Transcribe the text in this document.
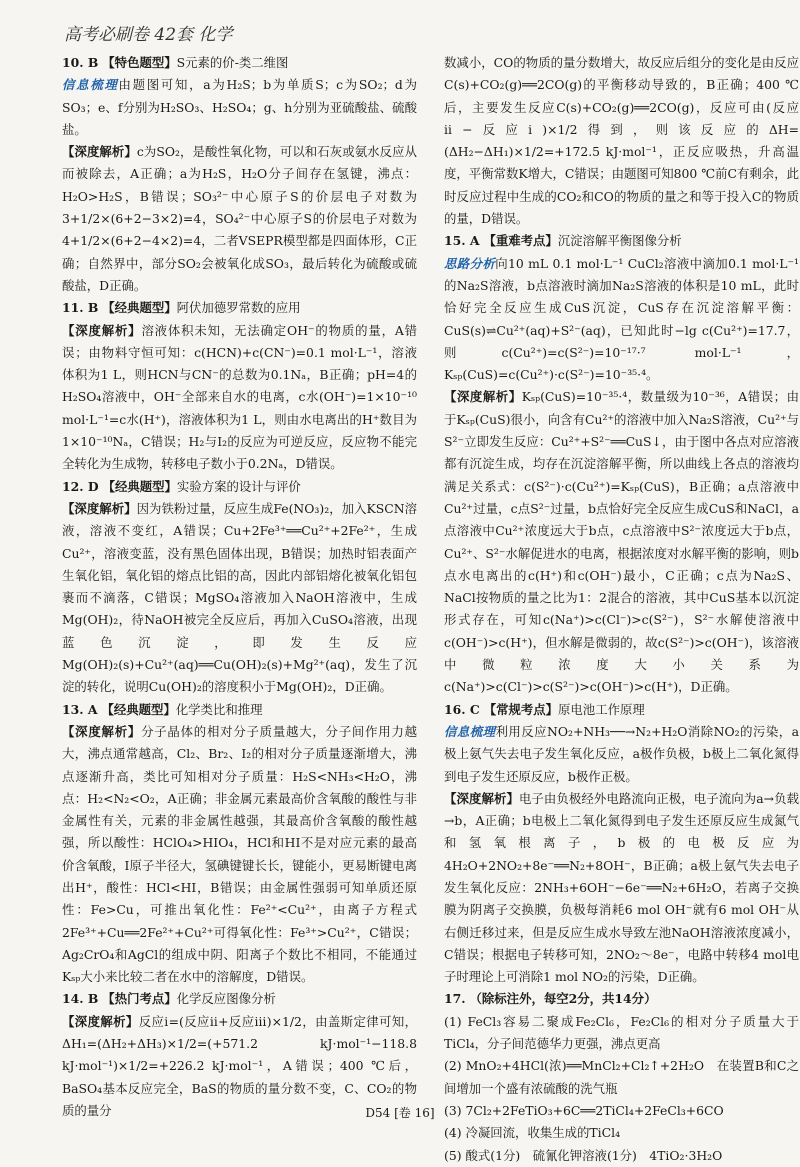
高考必刷卷 42套 化学

10. B 【特色题型】S元素的价-类二维图

信息梳理由题图可知，a为H₂S；b为单质S；c为SO₂；d为SO₃；e、f分别为H₂SO₃、H₂SO₄；g、h分别为亚硫酸盐、硫酸盐。

【深度解析】c为SO₂，是酸性氧化物，可以和石灰或氨水反应从而被除去，A正确；a为H₂S，H₂O分子间存在氢键，沸点：H₂O>H₂S，B错误；SO₃²⁻中心原子S的价层电子对数为3+1/2×(6+2−3×2)=4，SO₄²⁻中心原子S的价层电子对数为4+1/2×(6+2−4×2)=4，二者VSEPR模型都是四面体形，C正确；自然界中，部分SO₂会被氧化成SO₃，最后转化为硫酸或硫酸盐，D正确。

11. B 【经典题型】阿伏加德罗常数的应用

【深度解析】溶液体积未知，无法确定OH⁻的物质的量，A错误；由物料守恒可知：c(HCN)+c(CN⁻)=0.1 mol·L⁻¹，溶液体积为1 L，则HCN与CN⁻的总数为0.1Nₐ，B正确；pH=4的H₂SO₄溶液中，OH⁻全部来自水的电离，c水(OH⁻)=1×10⁻¹⁰ mol·L⁻¹=c水(H⁺)，溶液体积为1 L，则由水电离出的H⁺数目为1×10⁻¹⁰Nₐ，C错误；H₂与I₂的反应为可逆反应，反应物不能完全转化为生成物，转移电子数小于0.2Nₐ，D错误。

12. D 【经典题型】实验方案的设计与评价

【深度解析】因为铁粉过量，反应生成Fe(NO₃)₂，加入KSCN溶液，溶液不变红，A错误；Cu+2Fe³⁺══Cu²⁺+2Fe²⁺，生成Cu²⁺，溶液变蓝，没有黑色固体出现，B错误；加热时铝表面产生氧化铝，氧化铝的熔点比铝的高，因此内部铝熔化被氧化铝包裹而不滴落，C错误；MgSO₄溶液加入NaOH溶液中，生成Mg(OH)₂，待NaOH被完全反应后，再加入CuSO₄溶液，出现蓝色沉淀，即发生反应Mg(OH)₂(s)+Cu²⁺(aq)══Cu(OH)₂(s)+Mg²⁺(aq)，发生了沉淀的转化，说明Cu(OH)₂的溶度积小于Mg(OH)₂，D正确。

13. A 【经典题型】化学类比和推理

【深度解析】分子晶体的相对分子质量越大，分子间作用力越大，沸点通常越高，Cl₂、Br₂、I₂的相对分子质量逐渐增大，沸点逐渐升高，类比可知相对分子质量：H₂S<NH₃<H₂O，沸点：H₂<N₂<O₂，A正确；非金属元素最高价含氧酸的酸性与非金属性有关，元素的非金属性越强，其最高价含氧酸的酸性越强，所以酸性：HClO₄>HIO₄，HCl和HI不是对应元素的最高价含氧酸，I原子半径大，氢碘键键长长，键能小，更易断键电离出H⁺，酸性：HCl<HI，B错误；由金属性强弱可知单质还原性：Fe>Cu，可推出氧化性：Fe²⁺<Cu²⁺，由离子方程式2Fe³⁺+Cu══2Fe²⁺+Cu²⁺可得氧化性：Fe³⁺>Cu²⁺，C错误；Ag₂CrO₄和AgCl的组成中阴、阳离子个数比不相同，不能通过Kₛₚ大小来比较二者在水中的溶解度，D错误。

14. B 【热门考点】化学反应图像分析

【深度解析】反应ⅰ=(反应ⅱ+反应ⅲ)×1/2，由盖斯定律可知，ΔH₁=(ΔH₂+ΔH₃)×1/2=(+571.2 kJ·mol⁻¹−118.8 kJ·mol⁻¹)×1/2=+226.2 kJ·mol⁻¹，A错误；400 ℃后，BaSO₄基本反应完全，BaS的物质的量分数不变，C、CO₂的物质的量分

数减小，CO的物质的量分数增大，故反应后组分的变化是由反应C(s)+CO₂(g)══2CO(g)的平衡移动导致的，B正确；400 ℃后，主要发生反应C(s)+CO₂(g)══2CO(g)，反应可由(反应ⅱ−反应ⅰ)×1/2得到，则该反应的ΔH=(ΔH₂−ΔH₁)×1/2=+172.5 kJ·mol⁻¹，正反应吸热，升高温度，平衡常数K增大，C错误；由题图可知800 ℃前C有剩余，此时反应过程中生成的CO₂和CO的物质的量之和等于投入C的物质的量，D错误。

15. A 【重难考点】沉淀溶解平衡图像分析

思路分析向10 mL 0.1 mol·L⁻¹ CuCl₂溶液中滴加0.1 mol·L⁻¹的Na₂S溶液，b点溶液时滴加Na₂S溶液的体积是10 mL，此时恰好完全反应生成CuS沉淀，CuS存在沉淀溶解平衡：CuS(s)⇌Cu²⁺(aq)+S²⁻(aq)，已知此时−lg c(Cu²⁺)=17.7，则c(Cu²⁺)=c(S²⁻)=10⁻¹⁷·⁷ mol·L⁻¹，Kₛₚ(CuS)=c(Cu²⁺)·c(S²⁻)=10⁻³⁵·⁴。

【深度解析】Kₛₚ(CuS)=10⁻³⁵·⁴，数量级为10⁻³⁶，A错误；由于Kₛₚ(CuS)很小，向含有Cu²⁺的溶液中加入Na₂S溶液，Cu²⁺与S²⁻立即发生反应：Cu²⁺+S²⁻══CuS↓，由于图中各点对应溶液都有沉淀生成，均存在沉淀溶解平衡，所以曲线上各点的溶液均满足关系式：c(S²⁻)·c(Cu²⁺)=Kₛₚ(CuS)，B正确；a点溶液中Cu²⁺过量，c点S²⁻过量，b点恰好完全反应生成CuS和NaCl，a点溶液中Cu²⁺浓度远大于b点，c点溶液中S²⁻浓度远大于b点，Cu²⁺、S²⁻水解促进水的电离，根据浓度对水解平衡的影响，则b点水电离出的c(H⁺)和c(OH⁻)最小，C正确；c点为Na₂S、NaCl按物质的量之比为1：2混合的溶液，其中CuS基本以沉淀形式存在，可知c(Na⁺)>c(Cl⁻)>c(S²⁻)，S²⁻水解使溶液中c(OH⁻)>c(H⁺)，但水解是微弱的，故c(S²⁻)>c(OH⁻)，该溶液中微粒浓度大小关系为c(Na⁺)>c(Cl⁻)>c(S²⁻)>c(OH⁻)>c(H⁺)，D正确。

16. C 【常规考点】原电池工作原理

信息梳理利用反应NO₂+NH₃──→N₂+H₂O消除NO₂的污染，a极上氨气失去电子发生氧化反应，a极作负极，b极上二氧化氮得到电子发生还原反应，b极作正极。

【深度解析】电子由负极经外电路流向正极，电子流向为a→负载→b，A正确；b电极上二氧化氮得到电子发生还原反应生成氮气和氢氧根离子，b极的电极反应为4H₂O+2NO₂+8e⁻══N₂+8OH⁻，B正确；a极上氨气失去电子发生氧化反应：2NH₃+6OH⁻−6e⁻══N₂+6H₂O，若离子交换膜为阴离子交换膜，负极每消耗6 mol OH⁻就有6 mol OH⁻从右侧迁移过来，但是反应生成水导致左池NaOH溶液浓度减小，C错误；根据电子转移可知，2NO₂～8e⁻，电路中转移4 mol电子时理论上可消除1 mol NO₂的污染，D正确。

17. （除标注外，每空2分，共14分）

(1) FeCl₃容易二聚成Fe₂Cl₆，Fe₂Cl₆的相对分子质量大于TiCl₄，分子间范德华力更强，沸点更高

(2) MnO₂+4HCl(浓)══MnCl₂+Cl₂↑+2H₂O　在装置B和C之间增加一个盛有浓硫酸的洗气瓶

(3) 7Cl₂+2FeTiO₃+6C══2TiCl₄+2FeCl₃+6CO

(4) 冷凝回流，收集生成的TiCl₄

(5) 酸式(1分)　硫氰化钾溶液(1分)　4TiO₂·3H₂O

D54 [卷 16]
